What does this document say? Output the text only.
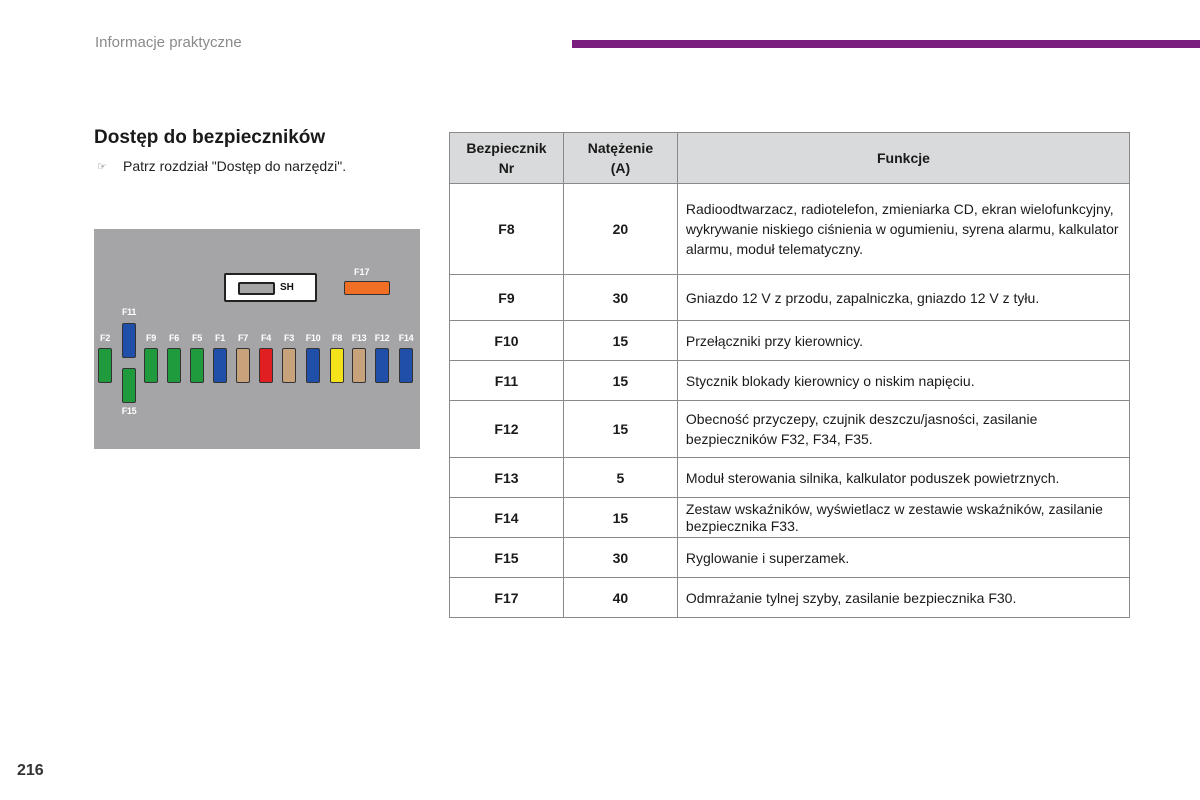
Informacje praktyczne
Dostęp do bezpieczników
☞ Patrz rozdział "Dostęp do narzędzi".
SH
F17
F2	F9	F6	F5	F1	F7	F4	F3	F10	F8	F13 F12	F14
F11
F15
Bezpiecznik Nr	Natężenie (A)	Funkcje
F8	20	Radioodtwarzacz, radiotelefon, zmieniarka CD, ekran wielofunkcyjny, wykrywanie niskiego ciśnienia w ogumieniu, syrena alarmu, kalkulator alarmu, moduł telematyczny.
F9	30	Gniazdo 12 V z przodu, zapalniczka, gniazdo 12 V z tyłu.
F10	15	Przełączniki przy kierownicy.
F11	15	Stycznik blokady kierownicy o niskim napięciu.
F12	15	Obecność przyczepy, czujnik deszczu/jasności, zasilanie bezpieczników F32, F34, F35.
F13	5	Moduł sterowania silnika, kalkulator poduszek powietrznych.
F14	15	Zestaw wskaźników, wyświetlacz w zestawie wskaźników, zasilanie bezpiecznika F33.
F15	30	Ryglowanie i superzamek.
F17	40	Odmrażanie tylnej szyby, zasilanie bezpiecznika F30.
216
